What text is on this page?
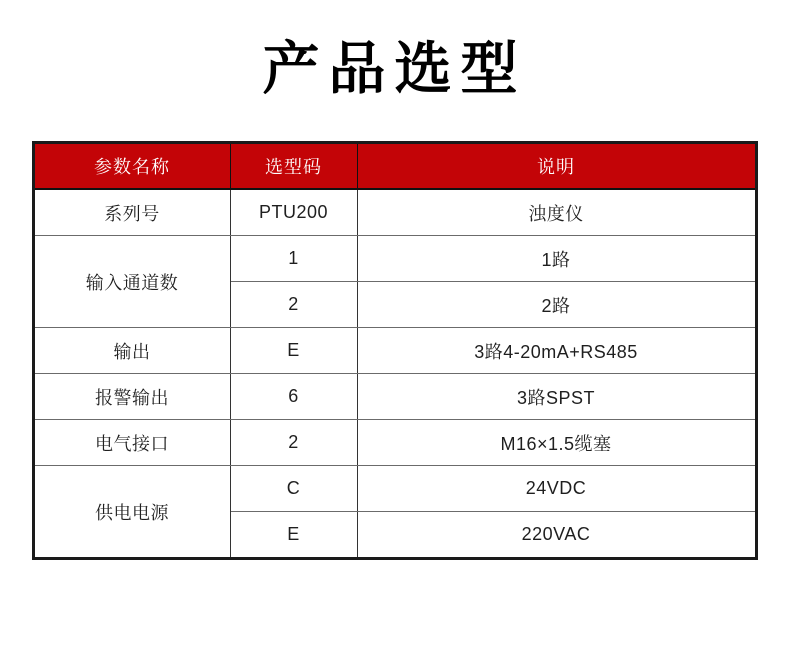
产品选型
参数名称	选型码	说明
系列号	PTU200	浊度仪
输入通道数	1	1路
	2	2路
输出	E	3路4-20mA+RS485
报警输出	6	3路SPST
电气接口	2	M16×1.5缆塞
供电电源	C	24VDC
	E	220VAC
